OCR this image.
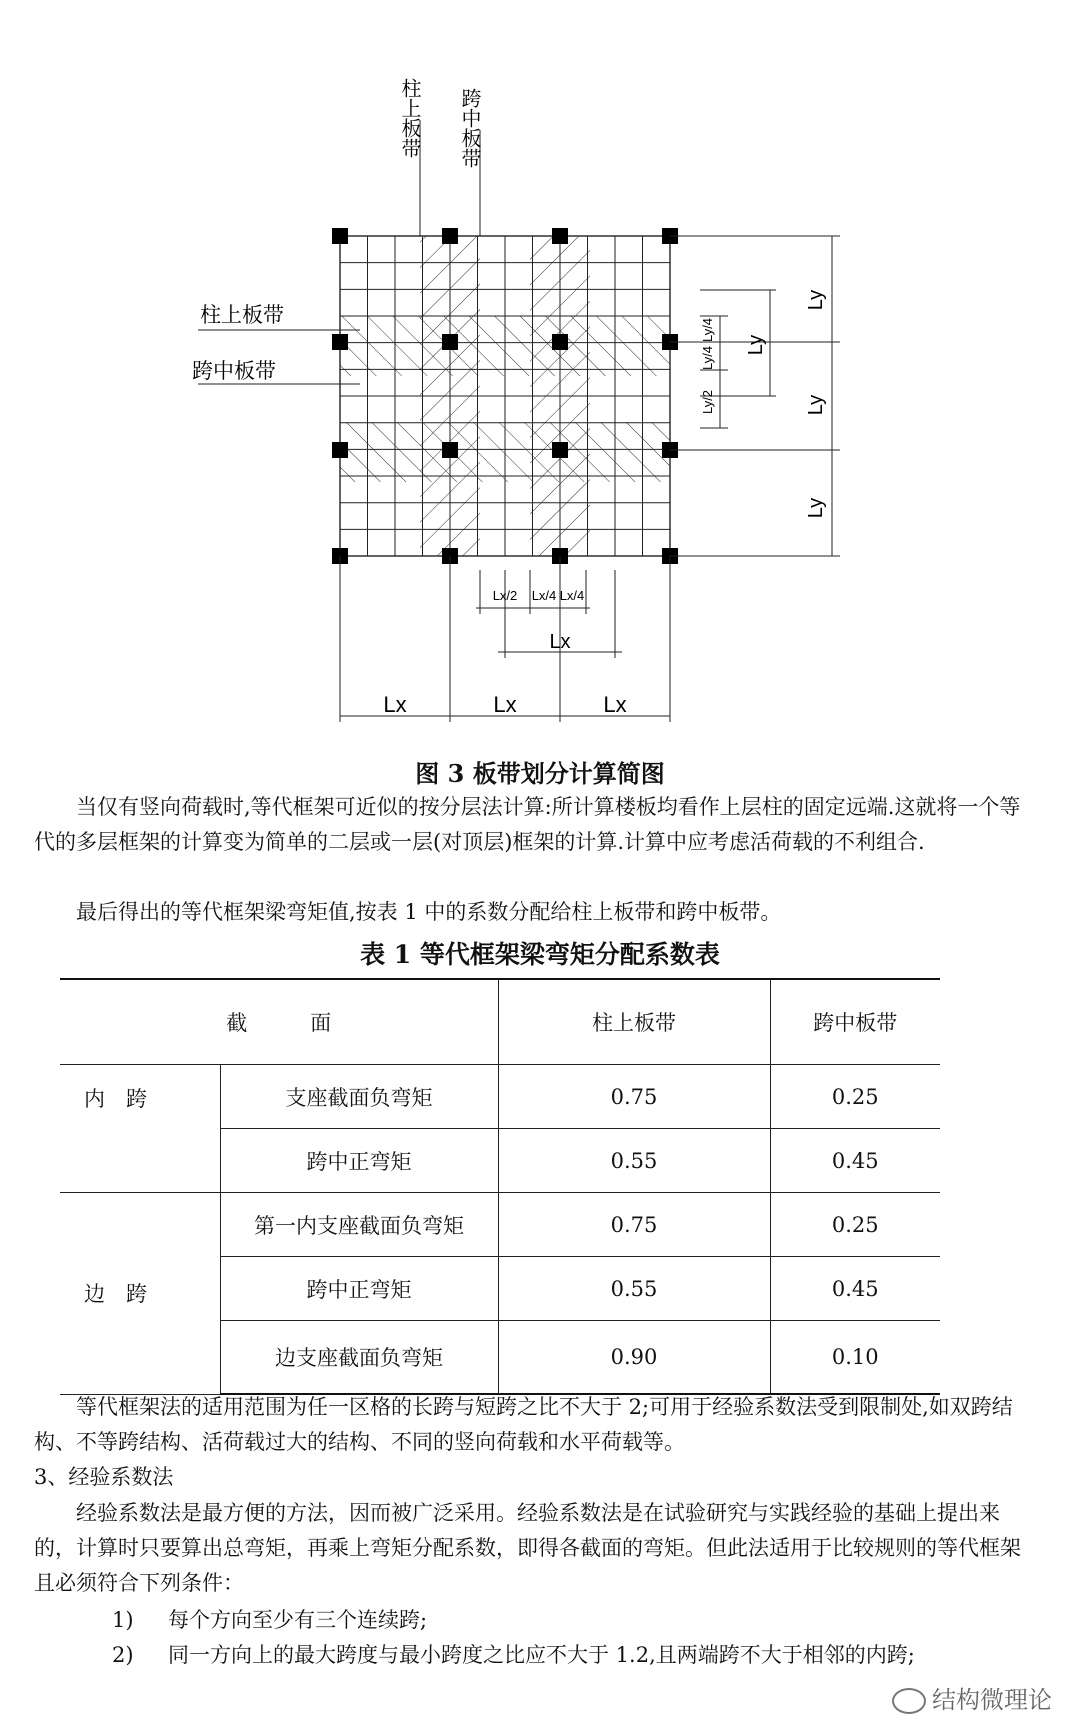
柱上板带 跨中板带
柱上板带
跨中板带
Ly
Ly
Ly
Ly
Ly/4
Ly/4
Ly/2
Lx	Lx	Lx
Lx
Lx/2 Lx/4 Lx/4
图 3 板带划分计算简图

当仅有竖向荷载时,等代框架可近似的按分层法计算:所计算楼板均看作上层柱的固定远端.这就将一个等代的多层框架的计算变为简单的二层或一层(对顶层)框架的计算.计算中应考虑活荷载的不利组合.

最后得出的等代框架梁弯矩值,按表 1 中的系数分配给柱上板带和跨中板带。

表 1 等代框架梁弯矩分配系数表
截　　　面		柱上板带	跨中板带
内　跨	支座截面负弯矩	0.75	0.25
	跨中正弯矩	0.55	0.45
边　跨	第一内支座截面负弯矩	0.75	0.25
	跨中正弯矩	0.55	0.45
	边支座截面负弯矩	0.90	0.10

等代框架法的适用范围为任一区格的长跨与短跨之比不大于 2;可用于经验系数法受到限制处,如双跨结构、不等跨结构、活荷载过大的结构、不同的竖向荷载和水平荷载等。

3、经验系数法

经验系数法是最方便的方法，因而被广泛采用。经验系数法是在试验研究与实践经验的基础上提出来的，计算时只要算出总弯矩，再乘上弯矩分配系数，即得各截面的弯矩。但此法适用于比较规则的等代框架且必须符合下列条件：

1) 每个方向至少有三个连续跨;
2) 同一方向上的最大跨度与最小跨度之比应不大于 1.2,且两端跨不大于相邻的内跨;
结构微理论
